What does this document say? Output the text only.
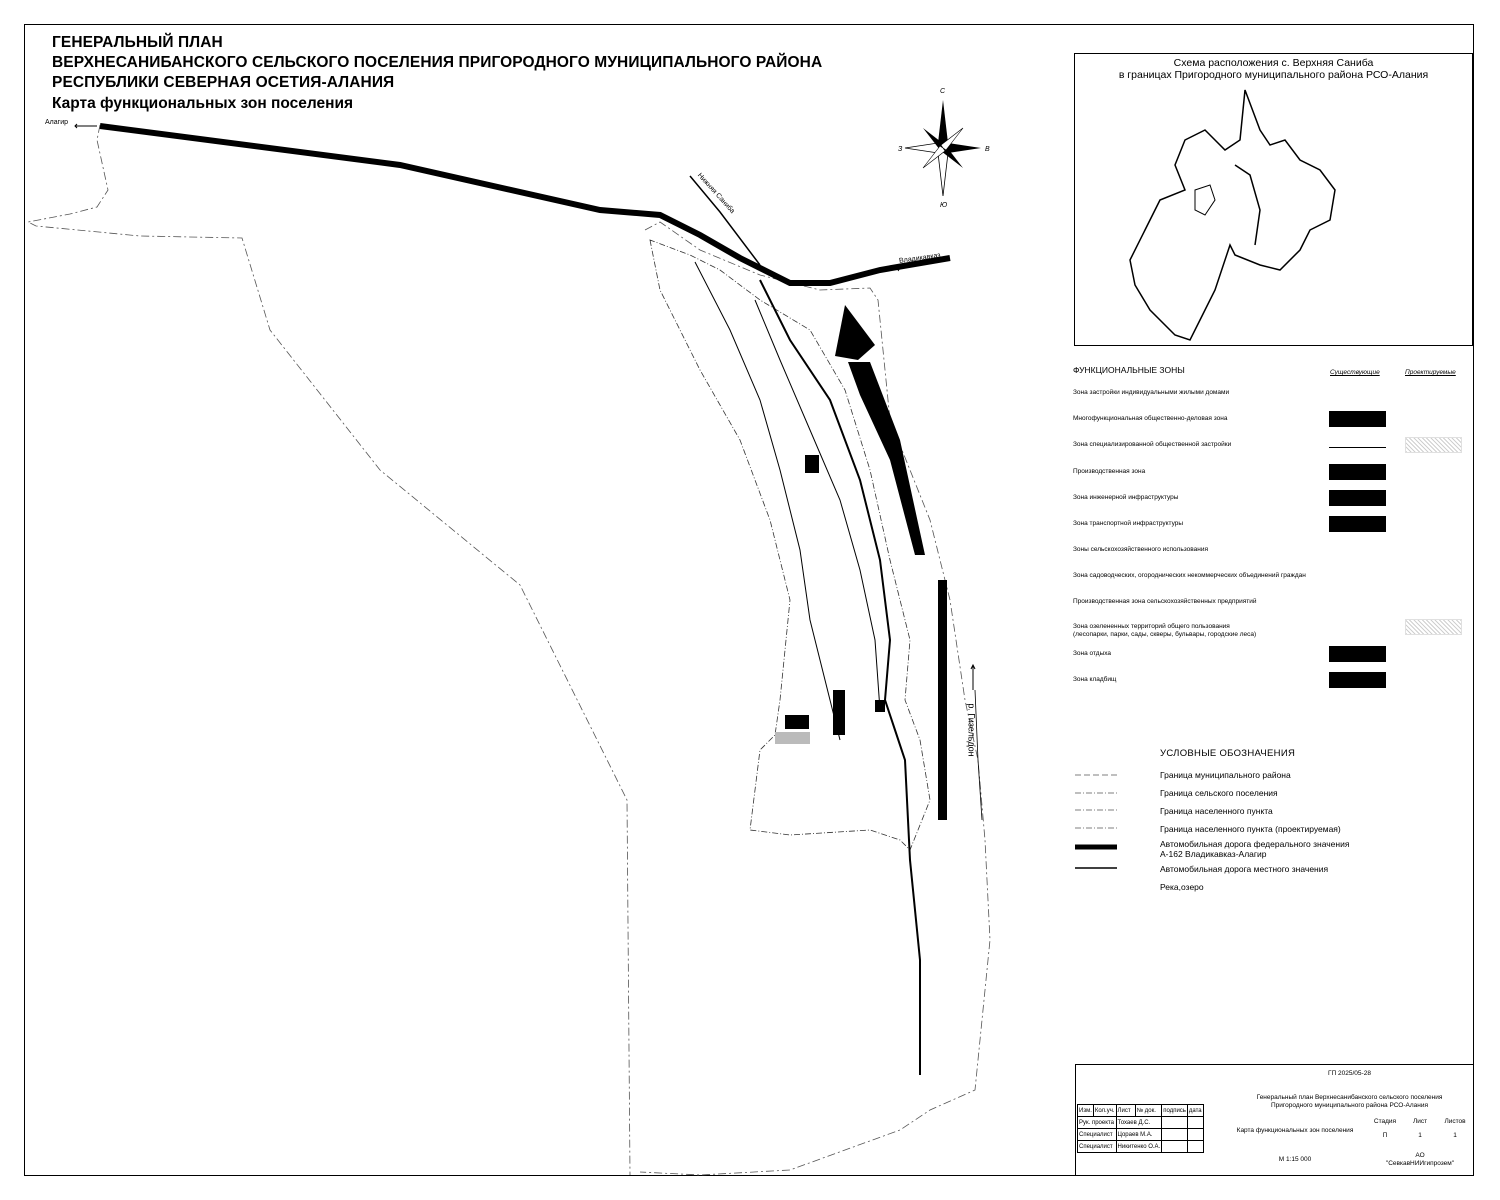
ГЕНЕРАЛЬНЫЙ ПЛАН
ВЕРХНЕСАНИБАНСКОГО СЕЛЬСКОГО ПОСЕЛЕНИЯ ПРИГОРОДНОГО МУНИЦИПАЛЬНОГО РАЙОНА
РЕСПУБЛИКИ СЕВЕРНАЯ ОСЕТИЯ-АЛАНИЯ
Карта функциональных зон поселения
Алагир
Владикавказ
Нижняя Саниба
р. Гизельдон
С
Ю
З	В
Схема расположения с. Верхняя Саниба
в границах Пригородного муниципального района РСО-Алания
ФУНКЦИОНАЛЬНЫЕ ЗОНЫ	Существующие	Проектируемые
Зона застройки индивидуальными жилыми домами
Многофункциональная общественно-деловая зона
Зона специализированной общественной застройки
Производственная зона
Зона инженерной инфраструктуры
Зона транспортной инфраструктуры
Зоны сельскохозяйственного использования
Зона садоводческих, огороднических некоммерческих объединений граждан
Производственная зона сельскохозяйственных предприятий
Зона озелененных территорий общего пользования
(лесопарки, парки, сады, скверы, бульвары, городские леса)
Зона отдыха
Зона кладбищ
УСЛОВНЫЕ ОБОЗНАЧЕНИЯ
Граница муниципального района
Граница сельского поселения
Граница населенного пункта
Граница населенного пункта (проектируемая)
Автомобильная дорога федерального значения
А-162 Владикавказ-Алагир
Автомобильная дорога местного значения
Река,озеро
Изм.	Кол.уч.	Лист	№ док.	подпись	дата
Рук. проекта		Тохаев Д.С.			
Специалист		Цораев М.А.			
Специалист		Никитенко О.А.			
ГП 2025/05-28
Генеральный план Верхнесанибанского сельского поселения
Пригородного муниципального района РСО-Алания
Карта функциональных зон поселения
Стадия	Лист	Листов
П	1	1
М 1:15 000
АО
"СевкавНИИгипрозем"
